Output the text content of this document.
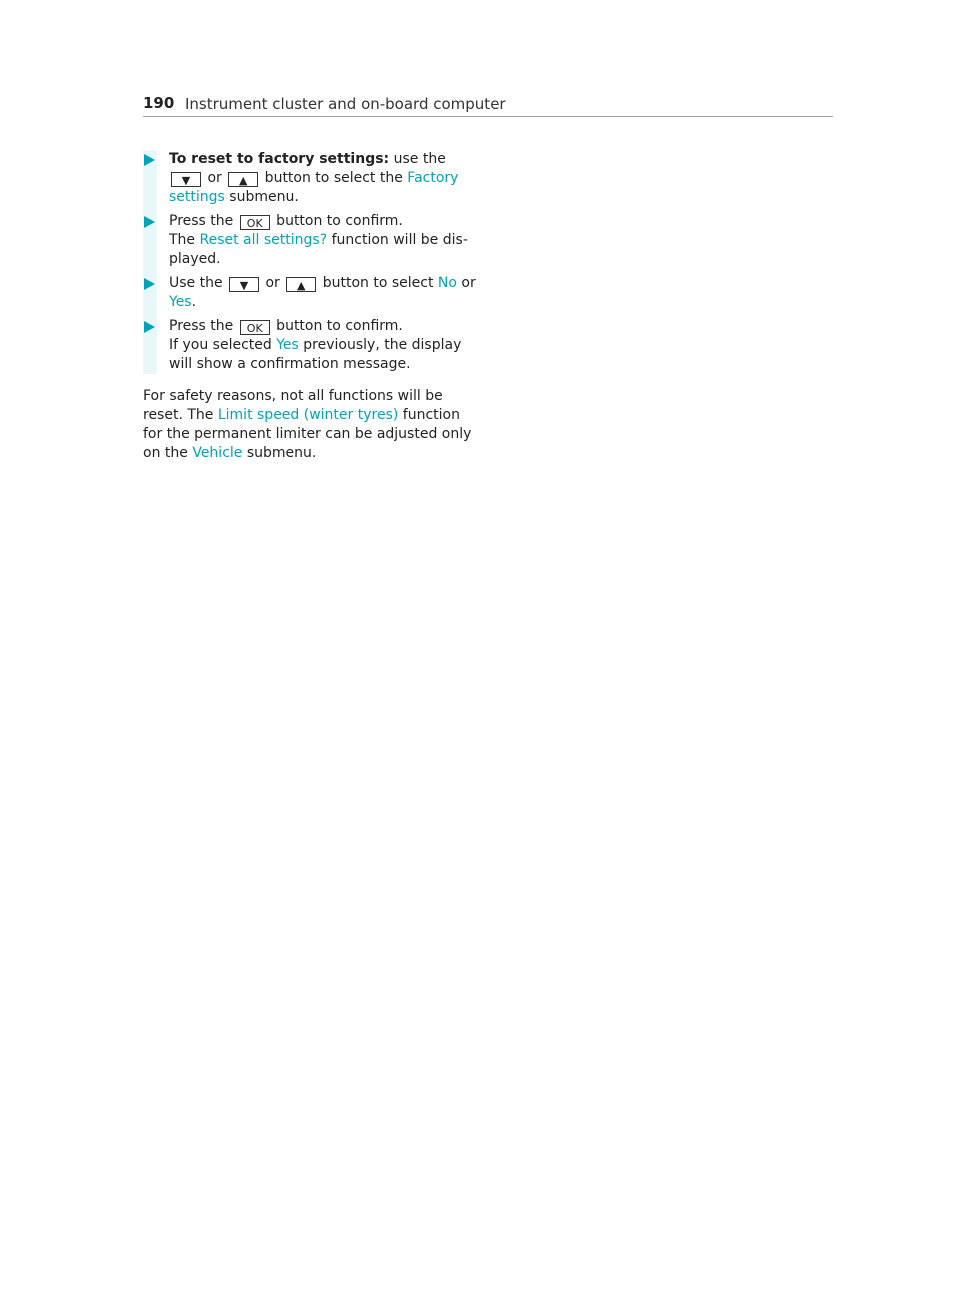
190 Instrument cluster and on-board computer
To reset to factory settings: use the ▼ or ▲ button to select the Factory settings submenu.
Press the OK button to confirm.
The Reset all settings? function will be dis- played.
Use the ▼ or ▲ button to select No or Yes.
Press the OK button to confirm.
If you selected Yes previously, the display will show a confirmation message.
For safety reasons, not all functions will be reset. The Limit speed (winter tyres) function for the permanent limiter can be adjusted only on the Vehicle submenu.
